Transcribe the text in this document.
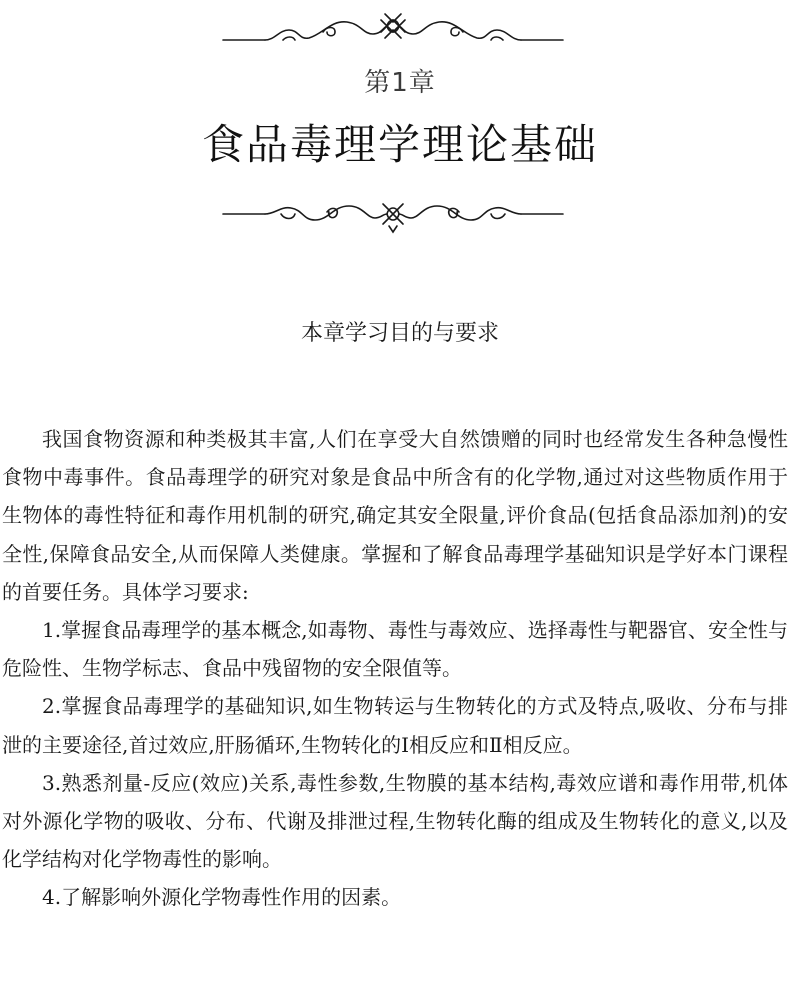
第1章
食品毒理学理论基础
本章学习目的与要求

我国食物资源和种类极其丰富,人们在享受大自然馈赠的同时也经常发生各种急慢性食物中毒事件。食品毒理学的研究对象是食品中所含有的化学物,通过对这些物质作用于生物体的毒性特征和毒作用机制的研究,确定其安全限量,评价食品(包括食品添加剂)的安全性,保障食品安全,从而保障人类健康。掌握和了解食品毒理学基础知识是学好本门课程的首要任务。具体学习要求:

1.掌握食品毒理学的基本概念,如毒物、毒性与毒效应、选择毒性与靶器官、安全性与危险性、生物学标志、食品中残留物的安全限值等。

2.掌握食品毒理学的基础知识,如生物转运与生物转化的方式及特点,吸收、分布与排泄的主要途径,首过效应,肝肠循环,生物转化的Ⅰ相反应和Ⅱ相反应。

3.熟悉剂量-反应(效应)关系,毒性参数,生物膜的基本结构,毒效应谱和毒作用带,机体对外源化学物的吸收、分布、代谢及排泄过程,生物转化酶的组成及生物转化的意义,以及化学结构对化学物毒性的影响。

4.了解影响外源化学物毒性作用的因素。
